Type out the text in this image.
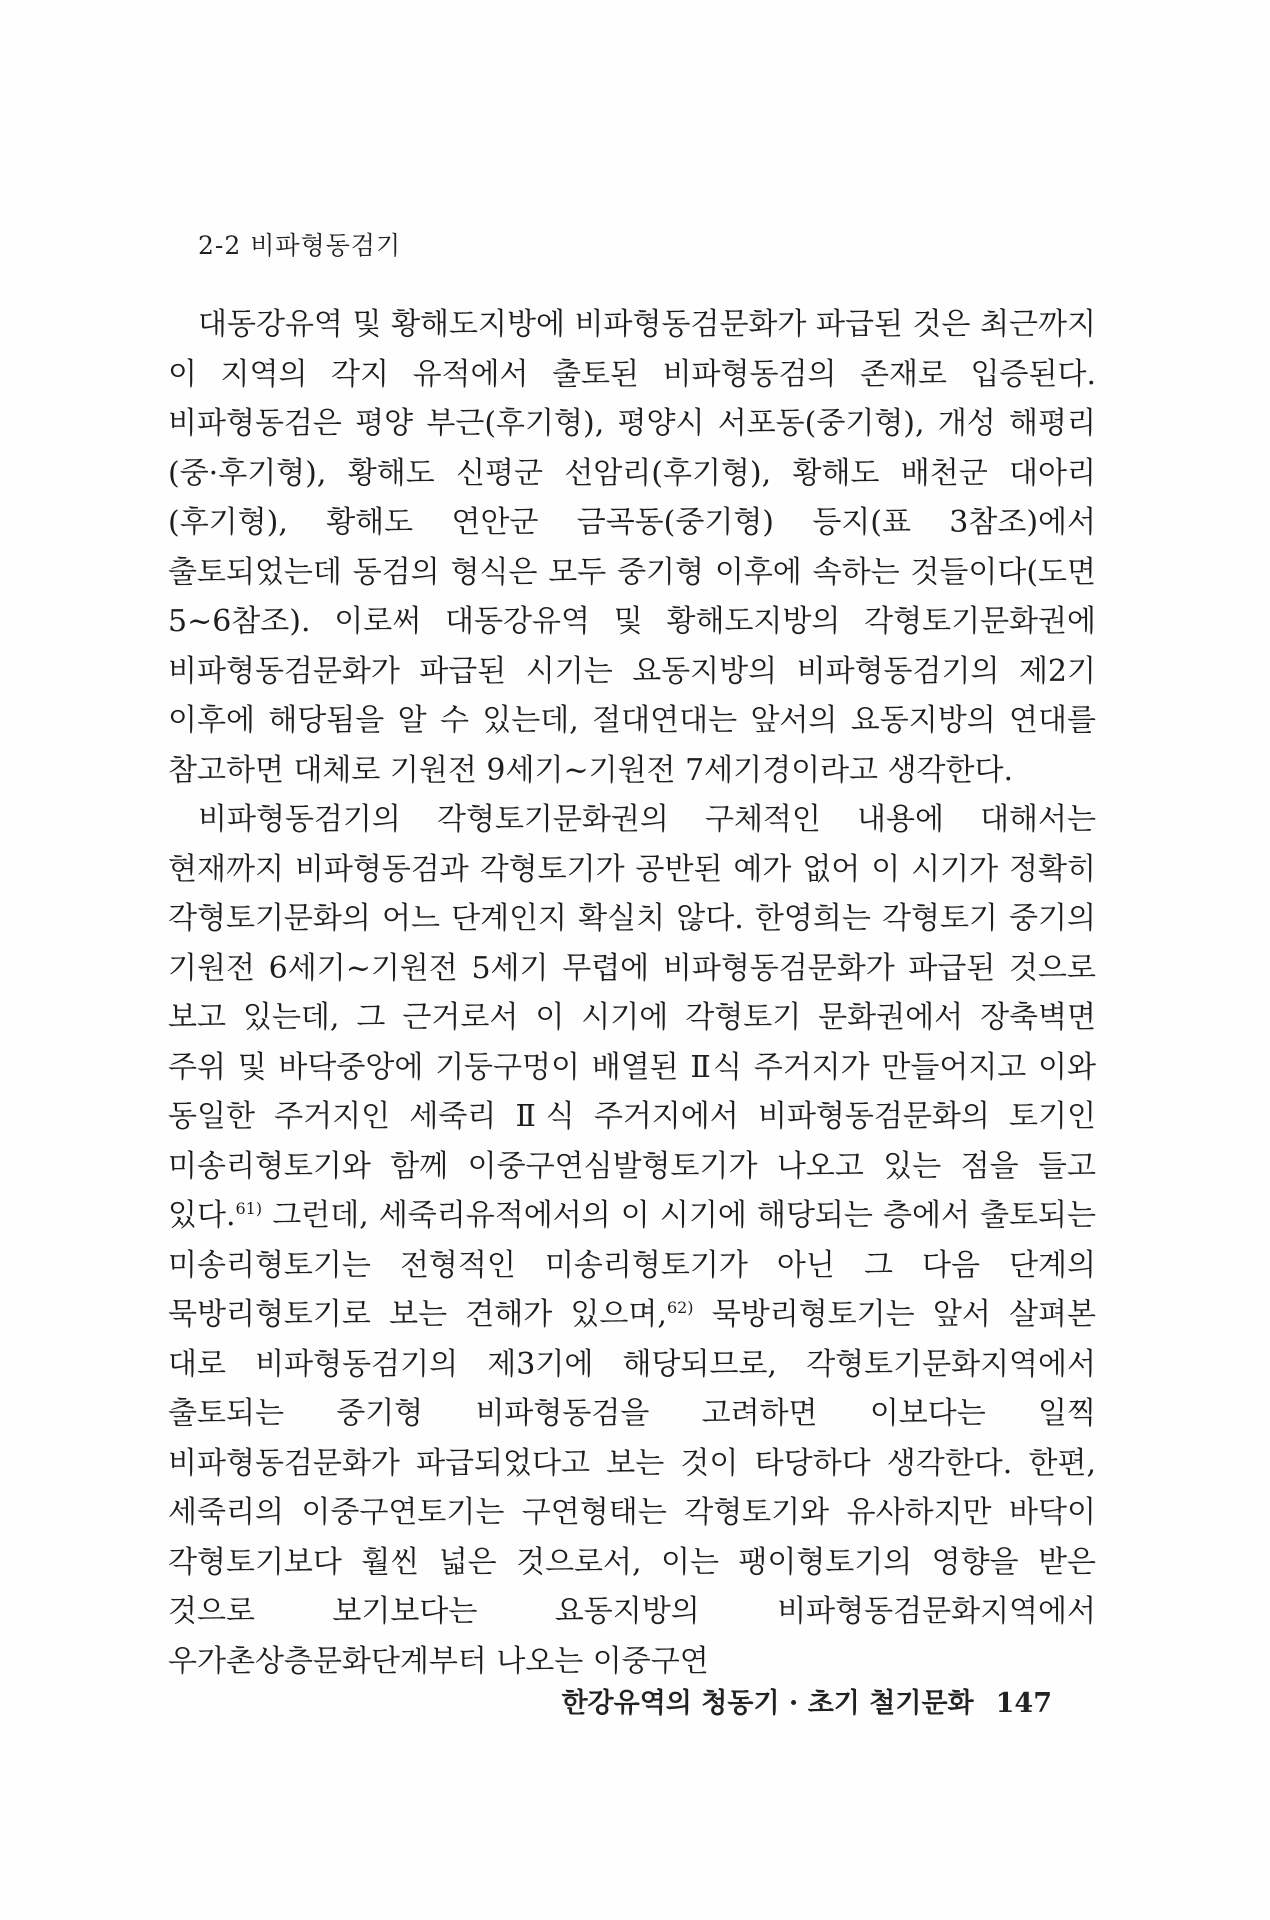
2-2 비파형동검기

대동강유역 및 황해도지방에 비파형동검문화가 파급된 것은 최근까지 이 지역의 각지 유적에서 출토된 비파형동검의 존재로 입증된다. 비파형동검은 평양 부근(후기형), 평양시 서포동(중기형), 개성 해평리(중·후기형), 황해도 신평군 선암리(후기형), 황해도 배천군 대아리(후기형), 황해도 연안군 금곡동(중기형) 등지(표 3참조)에서 출토되었는데 동검의 형식은 모두 중기형 이후에 속하는 것들이다(도면 5~6참조). 이로써 대동강유역 및 황해도지방의 각형토기문화권에 비파형동검문화가 파급된 시기는 요동지방의 비파형동검기의 제2기 이후에 해당됨을 알 수 있는데, 절대연대는 앞서의 요동지방의 연대를 참고하면 대체로 기원전 9세기~기원전 7세기경이라고 생각한다.

비파형동검기의 각형토기문화권의 구체적인 내용에 대해서는 현재까지 비파형동검과 각형토기가 공반된 예가 없어 이 시기가 정확히 각형토기문화의 어느 단계인지 확실치 않다. 한영희는 각형토기 중기의 기원전 6세기~기원전 5세기 무렵에 비파형동검문화가 파급된 것으로 보고 있는데, 그 근거로서 이 시기에 각형토기 문화권에서 장축벽면 주위 및 바닥중앙에 기둥구멍이 배열된 Ⅱ식 주거지가 만들어지고 이와 동일한 주거지인 세죽리 Ⅱ식 주거지에서 비파형동검문화의 토기인 미송리형토기와 함께 이중구연심발형토기가 나오고 있는 점을 들고 있다.$^{61)}$ 그런데, 세죽리유적에서의 이 시기에 해당되는 층에서 출토되는 미송리형토기는 전형적인 미송리형토기가 아닌 그 다음 단계의 묵방리형토기로 보는 견해가 있으며,$^{62)}$ 묵방리형토기는 앞서 살펴본 대로 비파형동검기의 제3기에 해당되므로, 각형토기문화지역에서 출토되는 중기형 비파형동검을 고려하면 이보다는 일찍 비파형동검문화가 파급되었다고 보는 것이 타당하다 생각한다. 한편, 세죽리의 이중구연토기는 구연형태는 각형토기와 유사하지만 바닥이 각형토기보다 훨씬 넓은 것으로서, 이는 팽이형토기의 영향을 받은 것으로 보기보다는 요동지방의 비파형동검문화지역에서 우가촌상층문화단계부터 나오는 이중구연

한강유역의 청동기 · 초기 철기문화 147
